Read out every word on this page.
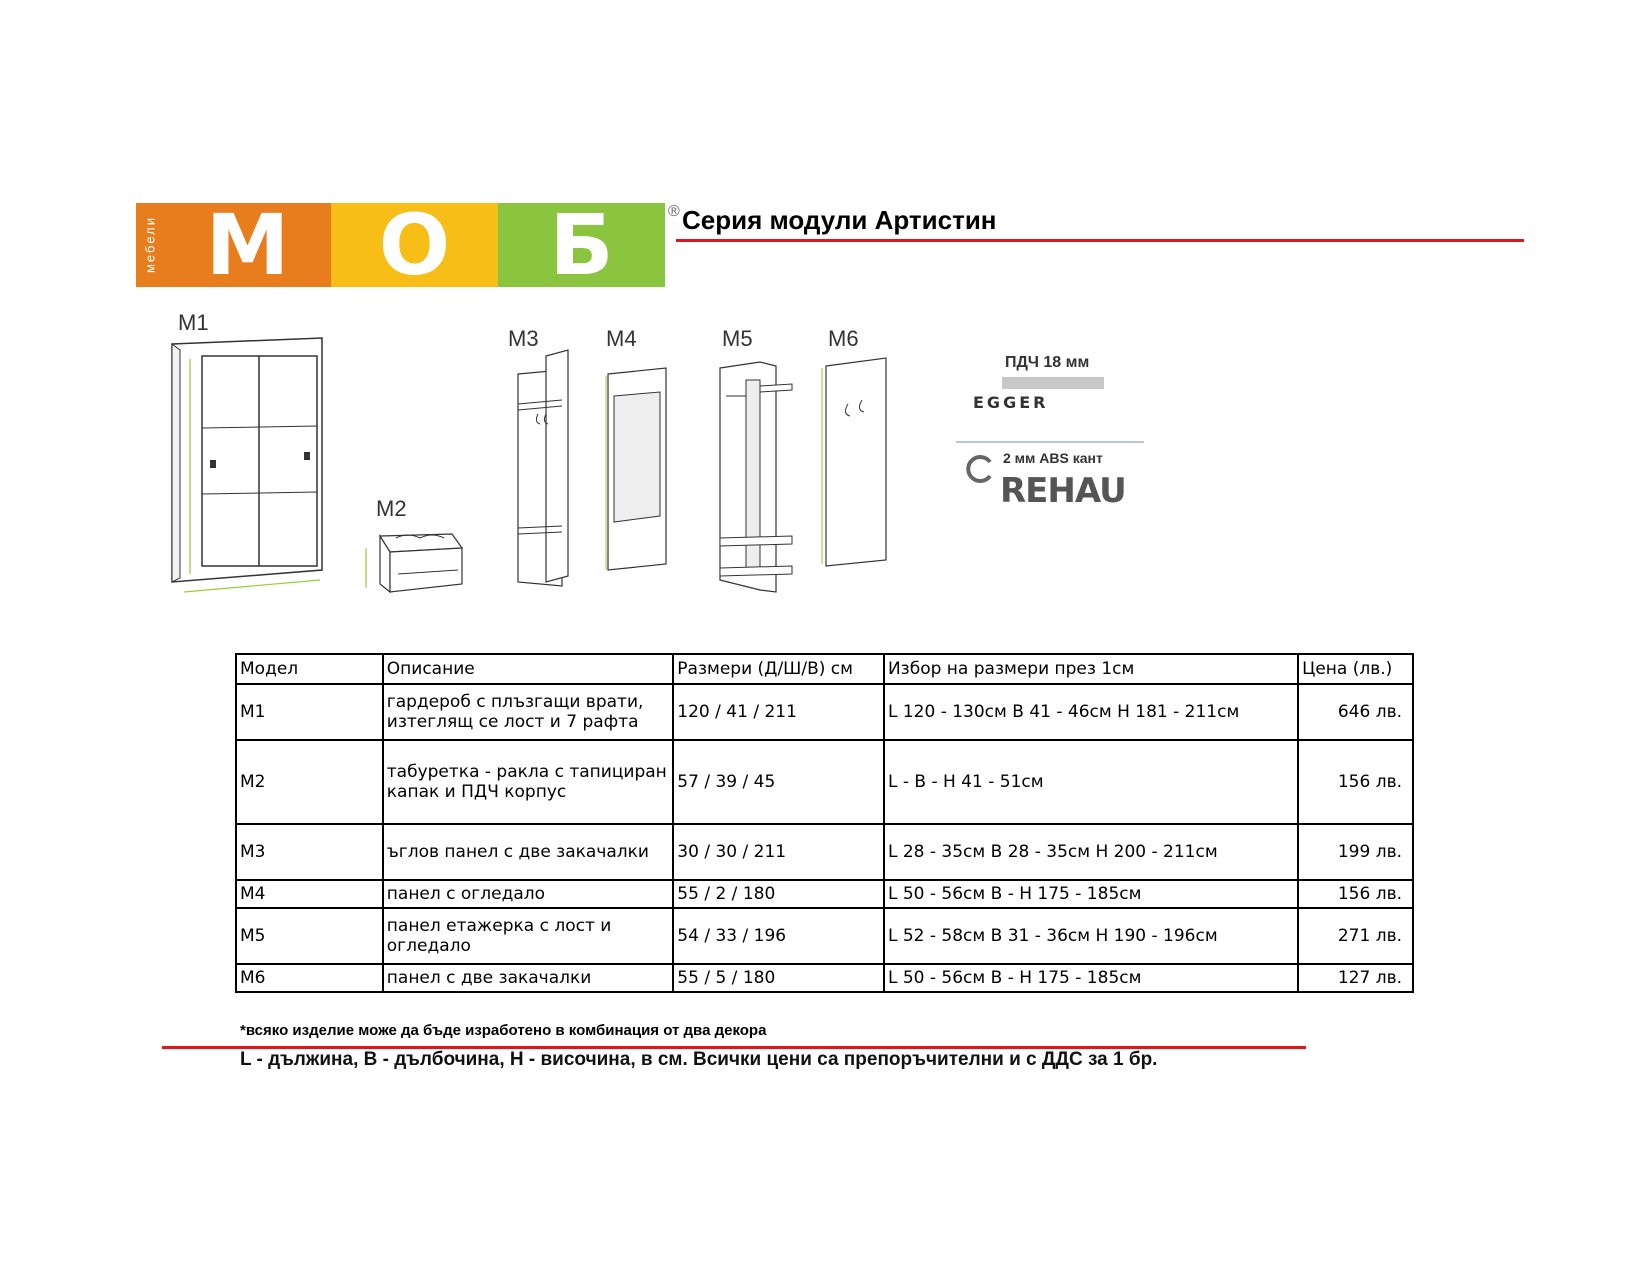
мебели М	О	Б	® Серия модули Артистин
M1
M2
M3	M4	M5	M6
ПДЧ 18 мм
EGGER
2 мм ABS кант
REHAU
Модел	Описание	Размери (Д/Ш/В) см	Избор на размери през 1см	Цена (лв.)
M1	гардероб с плъзгащи врати,
изтеглящ се лост и 7 рафта	120 / 41 / 211	L 120 - 130см В 41 - 46см Н 181 - 211см	646 лв.
M2	табуретка - ракла с тапициран
капак и ПДЧ корпус	57 / 39 / 45	L - В - Н 41 - 51см	156 лв.
M3	ъглов панел с две закачалки	30 / 30 / 211	L 28 - 35см В 28 - 35см Н 200 - 211см	199 лв.
M4	панел с огледало	55 / 2 / 180	L 50 - 56см В - Н 175 - 185см	156 лв.
M5	панел етажерка с лост и
огледало	54 / 33 / 196	L 52 - 58см В 31 - 36см Н 190 - 196см	271 лв.
M6	панел с две закачалки	55 / 5 / 180	L 50 - 56см В - Н 175 - 185см	127 лв.
*всяко изделие може да бъде изработено в комбинация от два декора
L - дължина, В - дълбочина, Н - височина, в см. Всички цени са препоръчителни и с ДДС за 1 бр.
